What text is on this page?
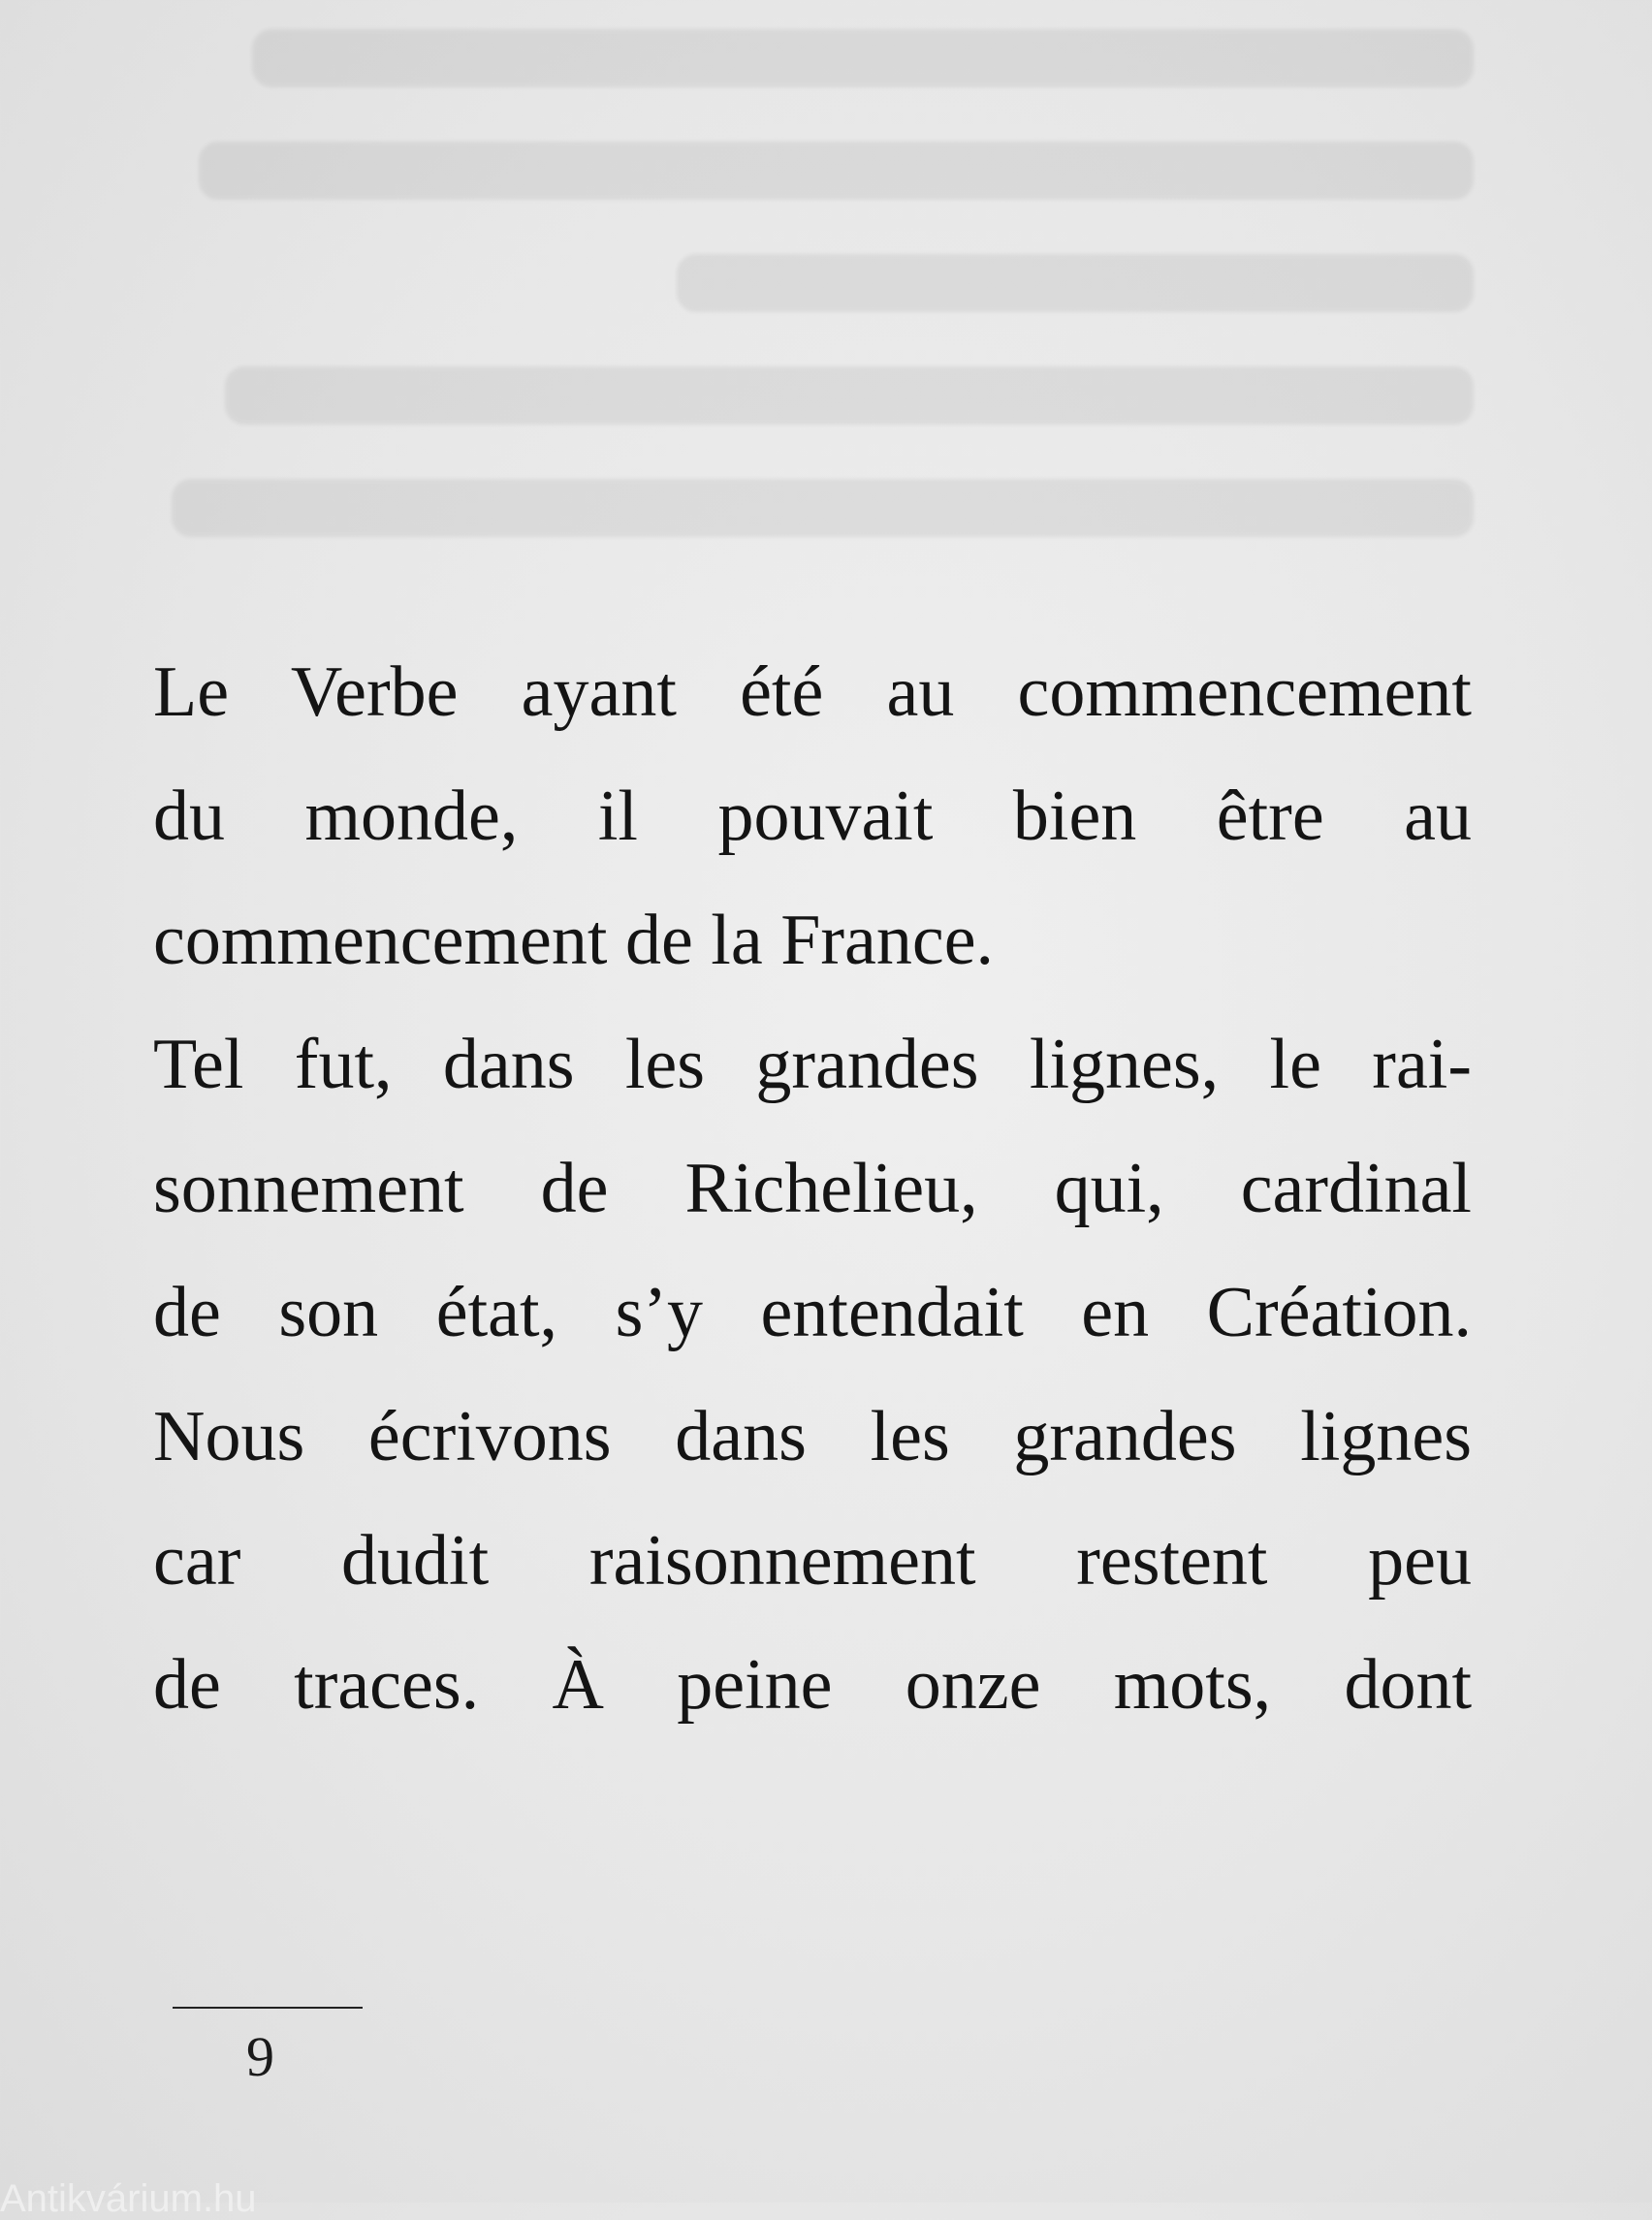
Le Verbe ayant été au commencement
du monde, il pouvait bien être au
commencement de la France.
Tel fut, dans les grandes lignes, le rai-
sonnement de Richelieu, qui, cardinal
de son état, s’y entendait en Création.
Nous écrivons dans les grandes lignes
car dudit raisonnement restent peu
de traces. À peine onze mots, dont
9
Antikvárium.hu
